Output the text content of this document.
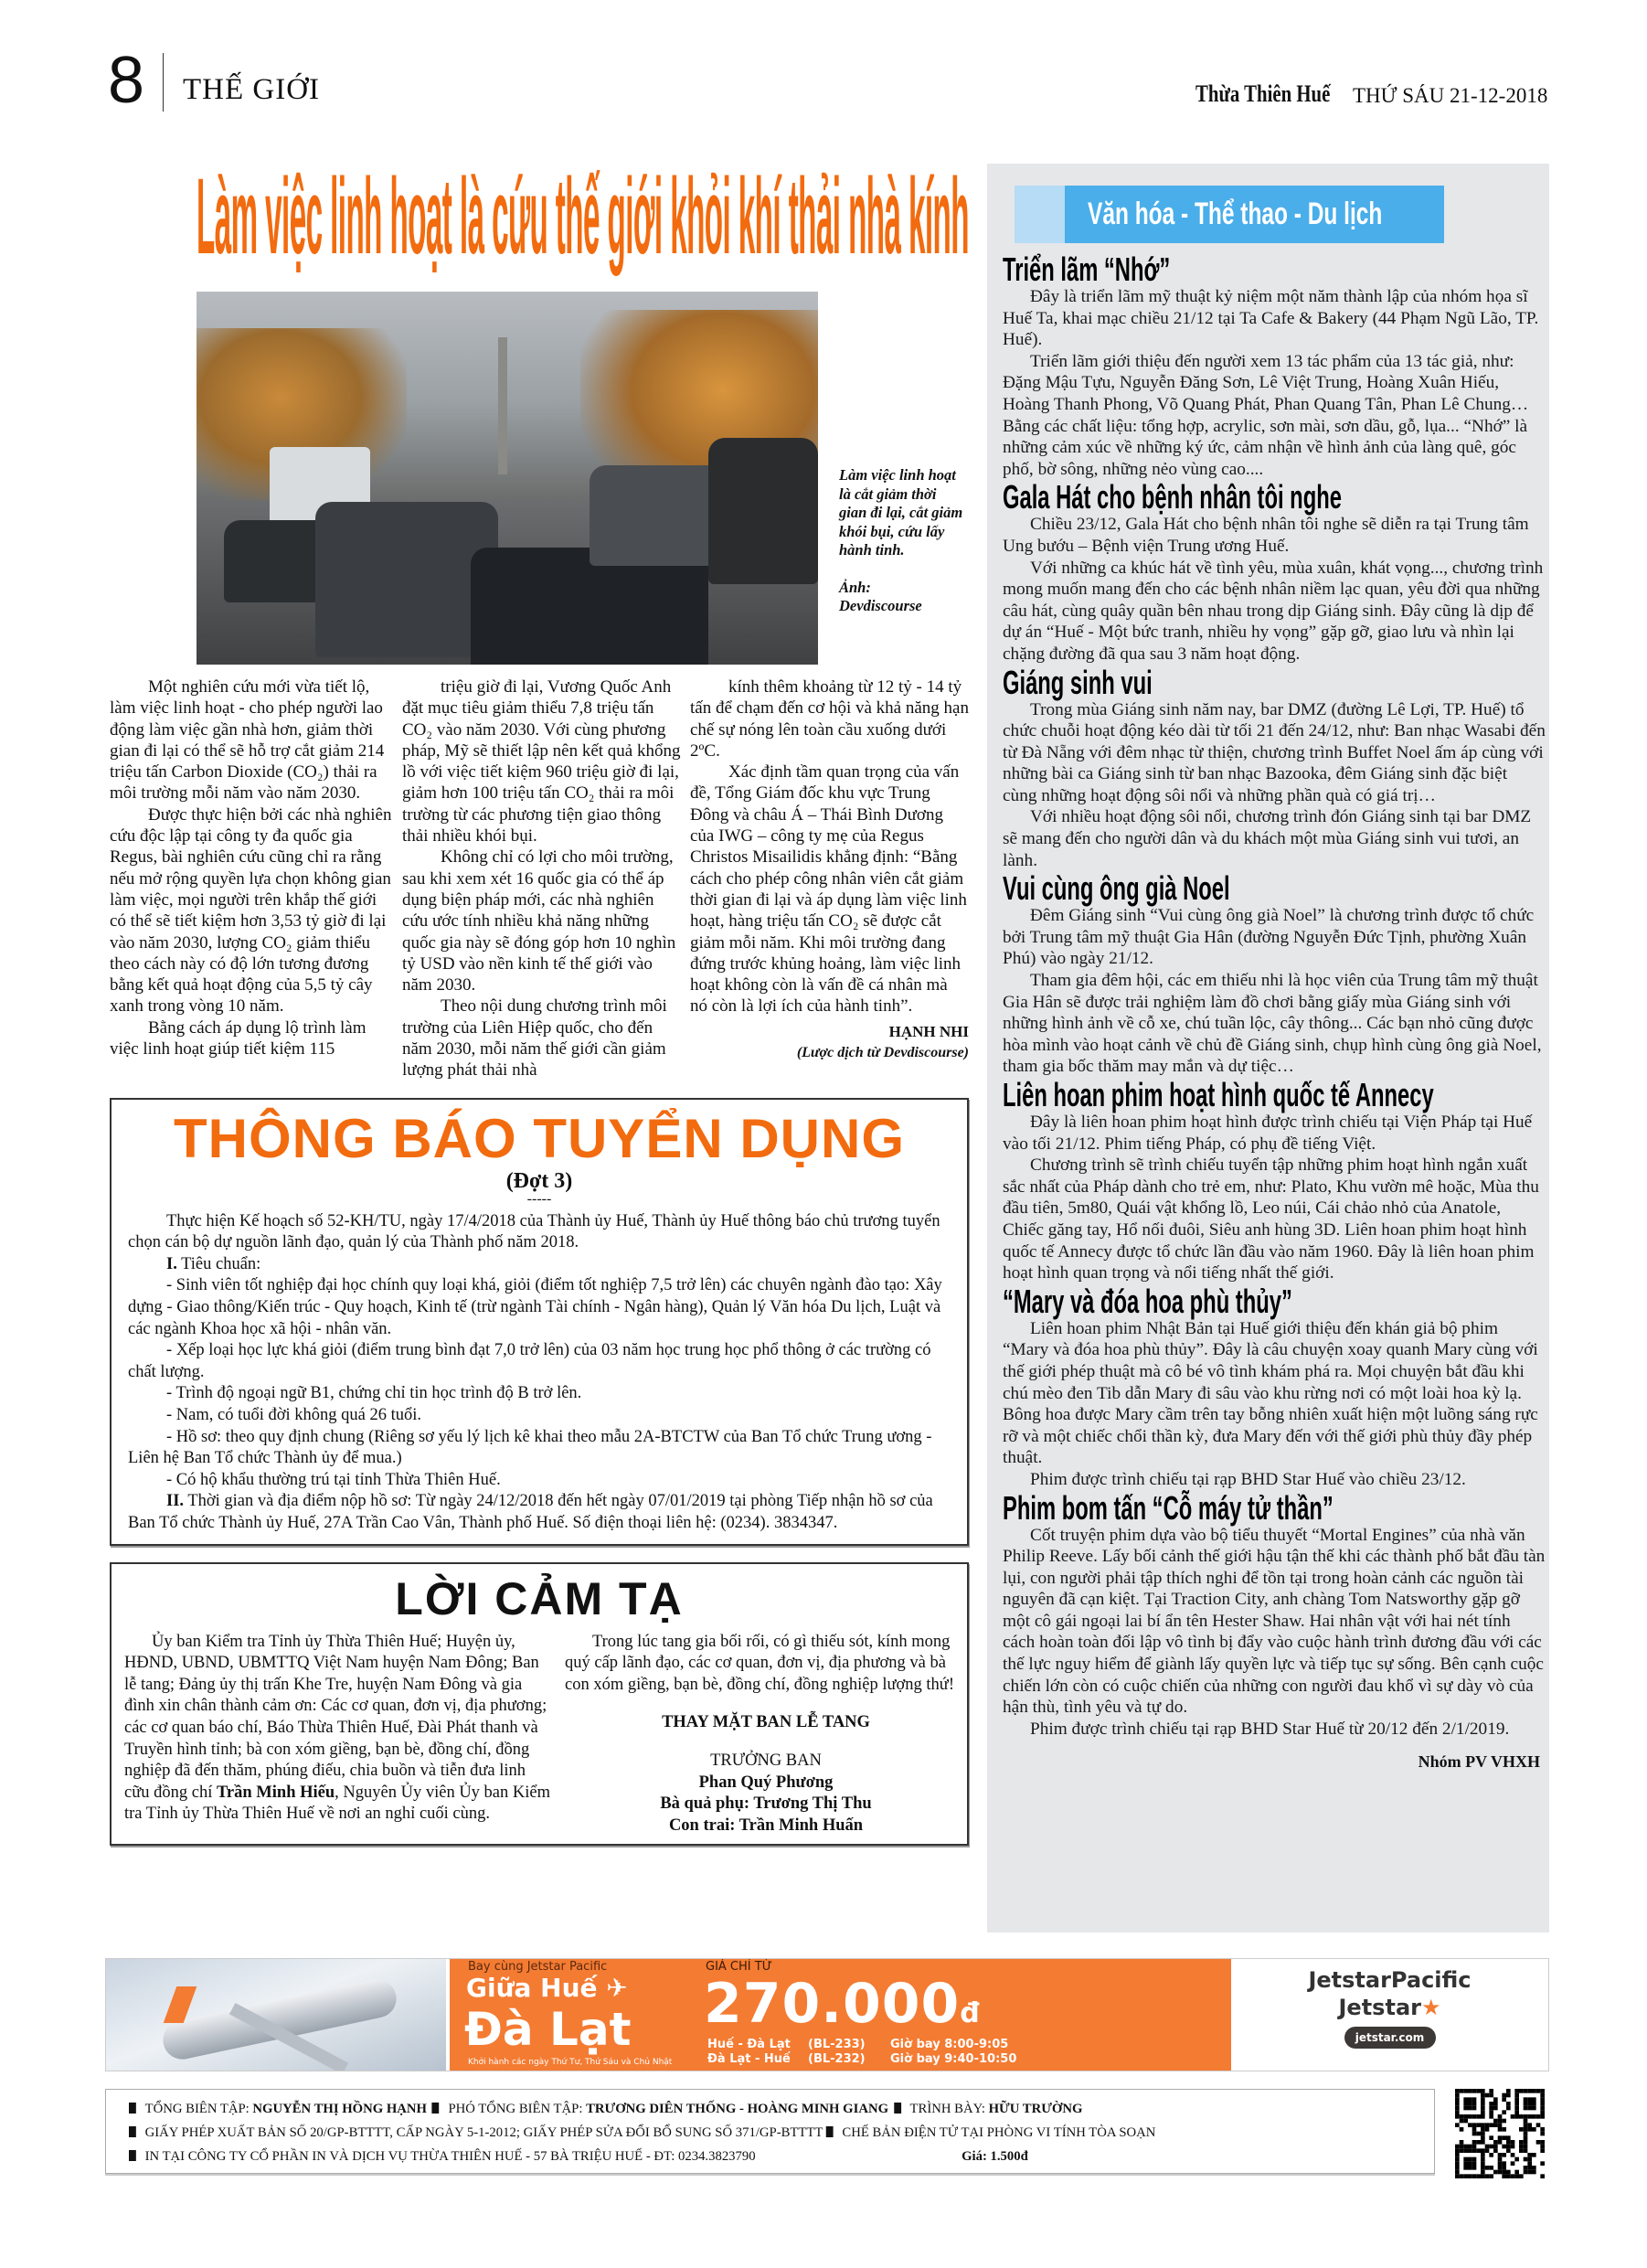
8 THẾ GIỚI	Thừa Thiên Huế THỨ SÁU 21-12-2018
Làm việc linh hoạt là cứu thế giới khỏi khí thải nhà kính
Làm việc linh hoạt là cắt giảm thời gian đi lại, cắt giảm khói bụi, cứu lấy hành tinh.
Ảnh: Devdiscourse

Một nghiên cứu mới vừa tiết lộ, làm việc linh hoạt - cho phép người lao động làm việc gần nhà hơn, giảm thời gian đi lại có thể sẽ hỗ trợ cắt giảm 214 triệu tấn Carbon Dioxide (CO₂) thải ra môi trường mỗi năm vào năm 2030.

Được thực hiện bởi các nhà nghiên cứu độc lập tại công ty đa quốc gia Regus, bài nghiên cứu cũng chỉ ra rằng nếu mở rộng quyền lựa chọn không gian làm việc, mọi người trên khắp thế giới có thể sẽ tiết kiệm hơn 3,53 tỷ giờ đi lại vào năm 2030, lượng CO₂ giảm thiểu theo cách này có độ lớn tương đương bằng kết quả hoạt động của 5,5 tỷ cây xanh trong vòng 10 năm.

Bằng cách áp dụng lộ trình làm việc linh hoạt giúp tiết kiệm 115

triệu giờ đi lại, Vương Quốc Anh đặt mục tiêu giảm thiểu 7,8 triệu tấn CO₂ vào năm 2030. Với cùng phương pháp, Mỹ sẽ thiết lập nên kết quả khổng lồ với việc tiết kiệm 960 triệu giờ đi lại, giảm hơn 100 triệu tấn CO₂ thải ra môi trường từ các phương tiện giao thông thải nhiều khói bụi.

Không chỉ có lợi cho môi trường, sau khi xem xét 16 quốc gia có thể áp dụng biện pháp mới, các nhà nghiên cứu ước tính nhiều khả năng những quốc gia này sẽ đóng góp hơn 10 nghìn tỷ USD vào nền kinh tế thế giới vào năm 2030.

Theo nội dung chương trình môi trường của Liên Hiệp quốc, cho đến năm 2030, mỗi năm thế giới cần giảm lượng phát thải nhà

kính thêm khoảng từ 12 tỷ - 14 tỷ tấn để chạm đến cơ hội và khả năng hạn chế sự nóng lên toàn cầu xuống dưới 2ºC.

Xác định tầm quan trọng của vấn đề, Tổng Giám đốc khu vực Trung Đông và châu Á – Thái Bình Dương của IWG – công ty mẹ của Regus Christos Misailidis khẳng định: “Bằng cách cho phép công nhân viên cắt giảm thời gian đi lại và áp dụng làm việc linh hoạt, hàng triệu tấn CO₂ sẽ được cắt giảm mỗi năm. Khi môi trường đang đứng trước khủng hoảng, làm việc linh hoạt không còn là vấn đề cá nhân mà nó còn là lợi ích của hành tinh”.

HẠNH NHI
(Lược dịch từ Devdiscourse)
THÔNG BÁO TUYỂN DỤNG
(Đợt 3)
-----

Thực hiện Kế hoạch số 52-KH/TU, ngày 17/4/2018 của Thành ủy Huế, Thành ủy Huế thông báo chủ trương tuyển chọn cán bộ dự nguồn lãnh đạo, quản lý của Thành phố năm 2018.

I. Tiêu chuẩn:

- Sinh viên tốt nghiệp đại học chính quy loại khá, giỏi (điểm tốt nghiệp 7,5 trở lên) các chuyên ngành đào tạo: Xây dựng - Giao thông/Kiến trúc - Quy hoạch, Kinh tế (trừ ngành Tài chính - Ngân hàng), Quản lý Văn hóa Du lịch, Luật và các ngành Khoa học xã hội - nhân văn.

- Xếp loại học lực khá giỏi (điểm trung bình đạt 7,0 trở lên) của 03 năm học trung học phổ thông ở các trường có chất lượng.

- Trình độ ngoại ngữ B1, chứng chỉ tin học trình độ B trở lên.

- Nam, có tuổi đời không quá 26 tuổi.

- Hồ sơ: theo quy định chung (Riêng sơ yếu lý lịch kê khai theo mẫu 2A-BTCTW của Ban Tổ chức Trung ương - Liên hệ Ban Tổ chức Thành ủy để mua.)

- Có hộ khẩu thường trú tại tỉnh Thừa Thiên Huế.

II. Thời gian và địa điểm nộp hồ sơ: Từ ngày 24/12/2018 đến hết ngày 07/01/2019 tại phòng Tiếp nhận hồ sơ của Ban Tổ chức Thành ủy Huế, 27A Trần Cao Vân, Thành phố Huế. Số điện thoại liên hệ: (0234). 3834347.

LỜI CẢM TẠ
Ủy ban Kiểm tra Tỉnh ủy Thừa Thiên Huế; Huyện ủy, HĐND, UBND, UBMTTQ Việt Nam huyện Nam Đông; Ban lễ tang; Đảng ủy thị trấn Khe Tre, huyện Nam Đông và gia đình xin chân thành cảm ơn: Các cơ quan, đơn vị, địa phương; các cơ quan báo chí, Báo Thừa Thiên Huế, Đài Phát thanh và Truyền hình tỉnh; bà con xóm giềng, bạn bè, đồng chí, đồng nghiệp đã đến thăm, phúng điếu, chia buồn và tiễn đưa linh cữu đồng chí Trần Minh Hiếu, Nguyên Ủy viên Ủy ban Kiểm tra Tỉnh ủy Thừa Thiên Huế về nơi an nghỉ cuối cùng.

Trong lúc tang gia bối rối, có gì thiếu sót, kính mong quý cấp lãnh đạo, các cơ quan, đơn vị, địa phương và bà con xóm giềng, bạn bè, đồng chí, đồng nghiệp lượng thứ!

THAY MẶT BAN LỄ TANG
TRƯỞNG BAN
Phan Quý Phương
Bà quả phụ: Trương Thị Thu
Con trai: Trần Minh Huấn
Văn hóa - Thể thao - Du lịch
Triển lãm “Nhớ”

Đây là triển lãm mỹ thuật kỷ niệm một năm thành lập của nhóm họa sĩ Huế Ta, khai mạc chiều 21/12 tại Ta Cafe & Bakery (44 Phạm Ngũ Lão, TP. Huế).

Triển lãm giới thiệu đến người xem 13 tác phẩm của 13 tác giả, như: Đặng Mậu Tựu, Nguyễn Đăng Sơn, Lê Việt Trung, Hoàng Xuân Hiếu, Hoàng Thanh Phong, Võ Quang Phát, Phan Quang Tân, Phan Lê Chung… Bằng các chất liệu: tổng hợp, acrylic, sơn mài, sơn dầu, gỗ, lụa... “Nhớ” là những cảm xúc về những ký ức, cảm nhận về hình ảnh của làng quê, góc phố, bờ sông, những nẻo vùng cao....

Gala Hát cho bệnh nhân tôi nghe

Chiều 23/12, Gala Hát cho bệnh nhân tôi nghe sẽ diễn ra tại Trung tâm Ung bướu – Bệnh viện Trung ương Huế.

Với những ca khúc hát về tình yêu, mùa xuân, khát vọng..., chương trình mong muốn mang đến cho các bệnh nhân niềm lạc quan, yêu đời qua những câu hát, cùng quây quần bên nhau trong dịp Giáng sinh. Đây cũng là dịp để dự án “Huế - Một bức tranh, nhiều hy vọng” gặp gỡ, giao lưu và nhìn lại chặng đường đã qua sau 3 năm hoạt động.

Giáng sinh vui

Trong mùa Giáng sinh năm nay, bar DMZ (đường Lê Lợi, TP. Huế) tổ chức chuỗi hoạt động kéo dài từ tối 21 đến 24/12, như: Ban nhạc Wasabi đến từ Đà Nẵng với đêm nhạc từ thiện, chương trình Buffet Noel ấm áp cùng với những bài ca Giáng sinh từ ban nhạc Bazooka, đêm Giáng sinh đặc biệt cùng những hoạt động sôi nổi và những phần quà có giá trị…

Với nhiều hoạt động sôi nổi, chương trình đón Giáng sinh tại bar DMZ sẽ mang đến cho người dân và du khách một mùa Giáng sinh vui tươi, an lành.

Vui cùng ông già Noel

Đêm Giáng sinh “Vui cùng ông già Noel” là chương trình được tổ chức bởi Trung tâm mỹ thuật Gia Hân (đường Nguyễn Đức Tịnh, phường Xuân Phú) vào ngày 21/12.

Tham gia đêm hội, các em thiếu nhi là học viên của Trung tâm mỹ thuật Gia Hân sẽ được trải nghiệm làm đồ chơi bằng giấy mùa Giáng sinh với những hình ảnh về cỗ xe, chú tuần lộc, cây thông... Các bạn nhỏ cũng được hòa mình vào hoạt cảnh về chủ đề Giáng sinh, chụp hình cùng ông già Noel, tham gia bốc thăm may mắn và dự tiệc…

Liên hoan phim hoạt hình quốc tế Annecy

Đây là liên hoan phim hoạt hình được trình chiếu tại Viện Pháp tại Huế vào tối 21/12. Phim tiếng Pháp, có phụ đề tiếng Việt.

Chương trình sẽ trình chiếu tuyển tập những phim hoạt hình ngắn xuất sắc nhất của Pháp dành cho trẻ em, như: Plato, Khu vườn mê hoặc, Mùa thu đầu tiên, 5m80, Quái vật khổng lồ, Leo núi, Cái chảo nhỏ của Anatole, Chiếc găng tay, Hổ nối đuôi, Siêu anh hùng 3D. Liên hoan phim hoạt hình quốc tế Annecy được tổ chức lần đầu vào năm 1960. Đây là liên hoan phim hoạt hình quan trọng và nổi tiếng nhất thế giới.

“Mary và đóa hoa phù thủy”

Liên hoan phim Nhật Bản tại Huế giới thiệu đến khán giả bộ phim “Mary và đóa hoa phù thủy”. Đây là câu chuyện xoay quanh Mary cùng với thế giới phép thuật mà cô bé vô tình khám phá ra. Mọi chuyện bắt đầu khi chú mèo đen Tib dẫn Mary đi sâu vào khu rừng nơi có một loài hoa kỳ lạ. Bông hoa được Mary cầm trên tay bỗng nhiên xuất hiện một luồng sáng rực rỡ và một chiếc chổi thần kỳ, đưa Mary đến với thế giới phù thủy đầy phép thuật.

Phim được trình chiếu tại rạp BHD Star Huế vào chiều 23/12.

Phim bom tấn “Cỗ máy tử thần”

Cốt truyện phim dựa vào bộ tiểu thuyết “Mortal Engines” của nhà văn Philip Reeve. Lấy bối cảnh thế giới hậu tận thế khi các thành phố bắt đầu tàn lụi, con người phải tập thích nghi để tồn tại trong hoàn cảnh các nguồn tài nguyên đã cạn kiệt. Tại Traction City, anh chàng Tom Natsworthy gặp gỡ một cô gái ngoại lai bí ẩn tên Hester Shaw. Hai nhân vật với hai nét tính cách hoàn toàn đối lập vô tình bị đẩy vào cuộc hành trình đương đầu với các thế lực nguy hiểm để giành lấy quyền lực và tiếp tục sự sống. Bên cạnh cuộc chiến lớn còn có cuộc chiến của những con người đau khổ vì sự dày vò của hận thù, tình yêu và tự do.

Phim được trình chiếu tại rạp BHD Star Huế từ 20/12 đến 2/1/2019.

Nhóm PV VHXH
Bay cùng Jetstar Pacific
Giữa Huế ✈
Đà Lạt
Khởi hành các ngày Thứ Tư, Thứ Sáu và Chủ Nhật
GIÁ CHỈ TỪ
270.000đ
Huế - Đà Lạt (BL-233) Giờ bay 8:00-9:05
Đà Lạt - Huế (BL-232) Giờ bay 9:40-10:50
JetstarPacific
Jetstar★
jetstar.com
TỔNG BIÊN TẬP: NGUYỄN THỊ HỒNG HẠNH PHÓ TỔNG BIÊN TẬP: TRƯƠNG DIÊN THỐNG - HOÀNG MINH GIANG TRÌNH BÀY: HỮU TRƯỜNG
GIẤY PHÉP XUẤT BẢN SỐ 20/GP-BTTTT, CẤP NGÀY 5-1-2012; GIẤY PHÉP SỬA ĐỔI BỔ SUNG SỐ 371/GP-BTTTT CHẾ BẢN ĐIỆN TỬ TẠI PHÒNG VI TÍNH TÒA SOẠN
IN TẠI CÔNG TY CỔ PHẦN IN VÀ DỊCH VỤ THỪA THIÊN HUẾ - 57 BÀ TRIỆU HUẾ - ĐT: 0234.3823790	Giá: 1.500đ
